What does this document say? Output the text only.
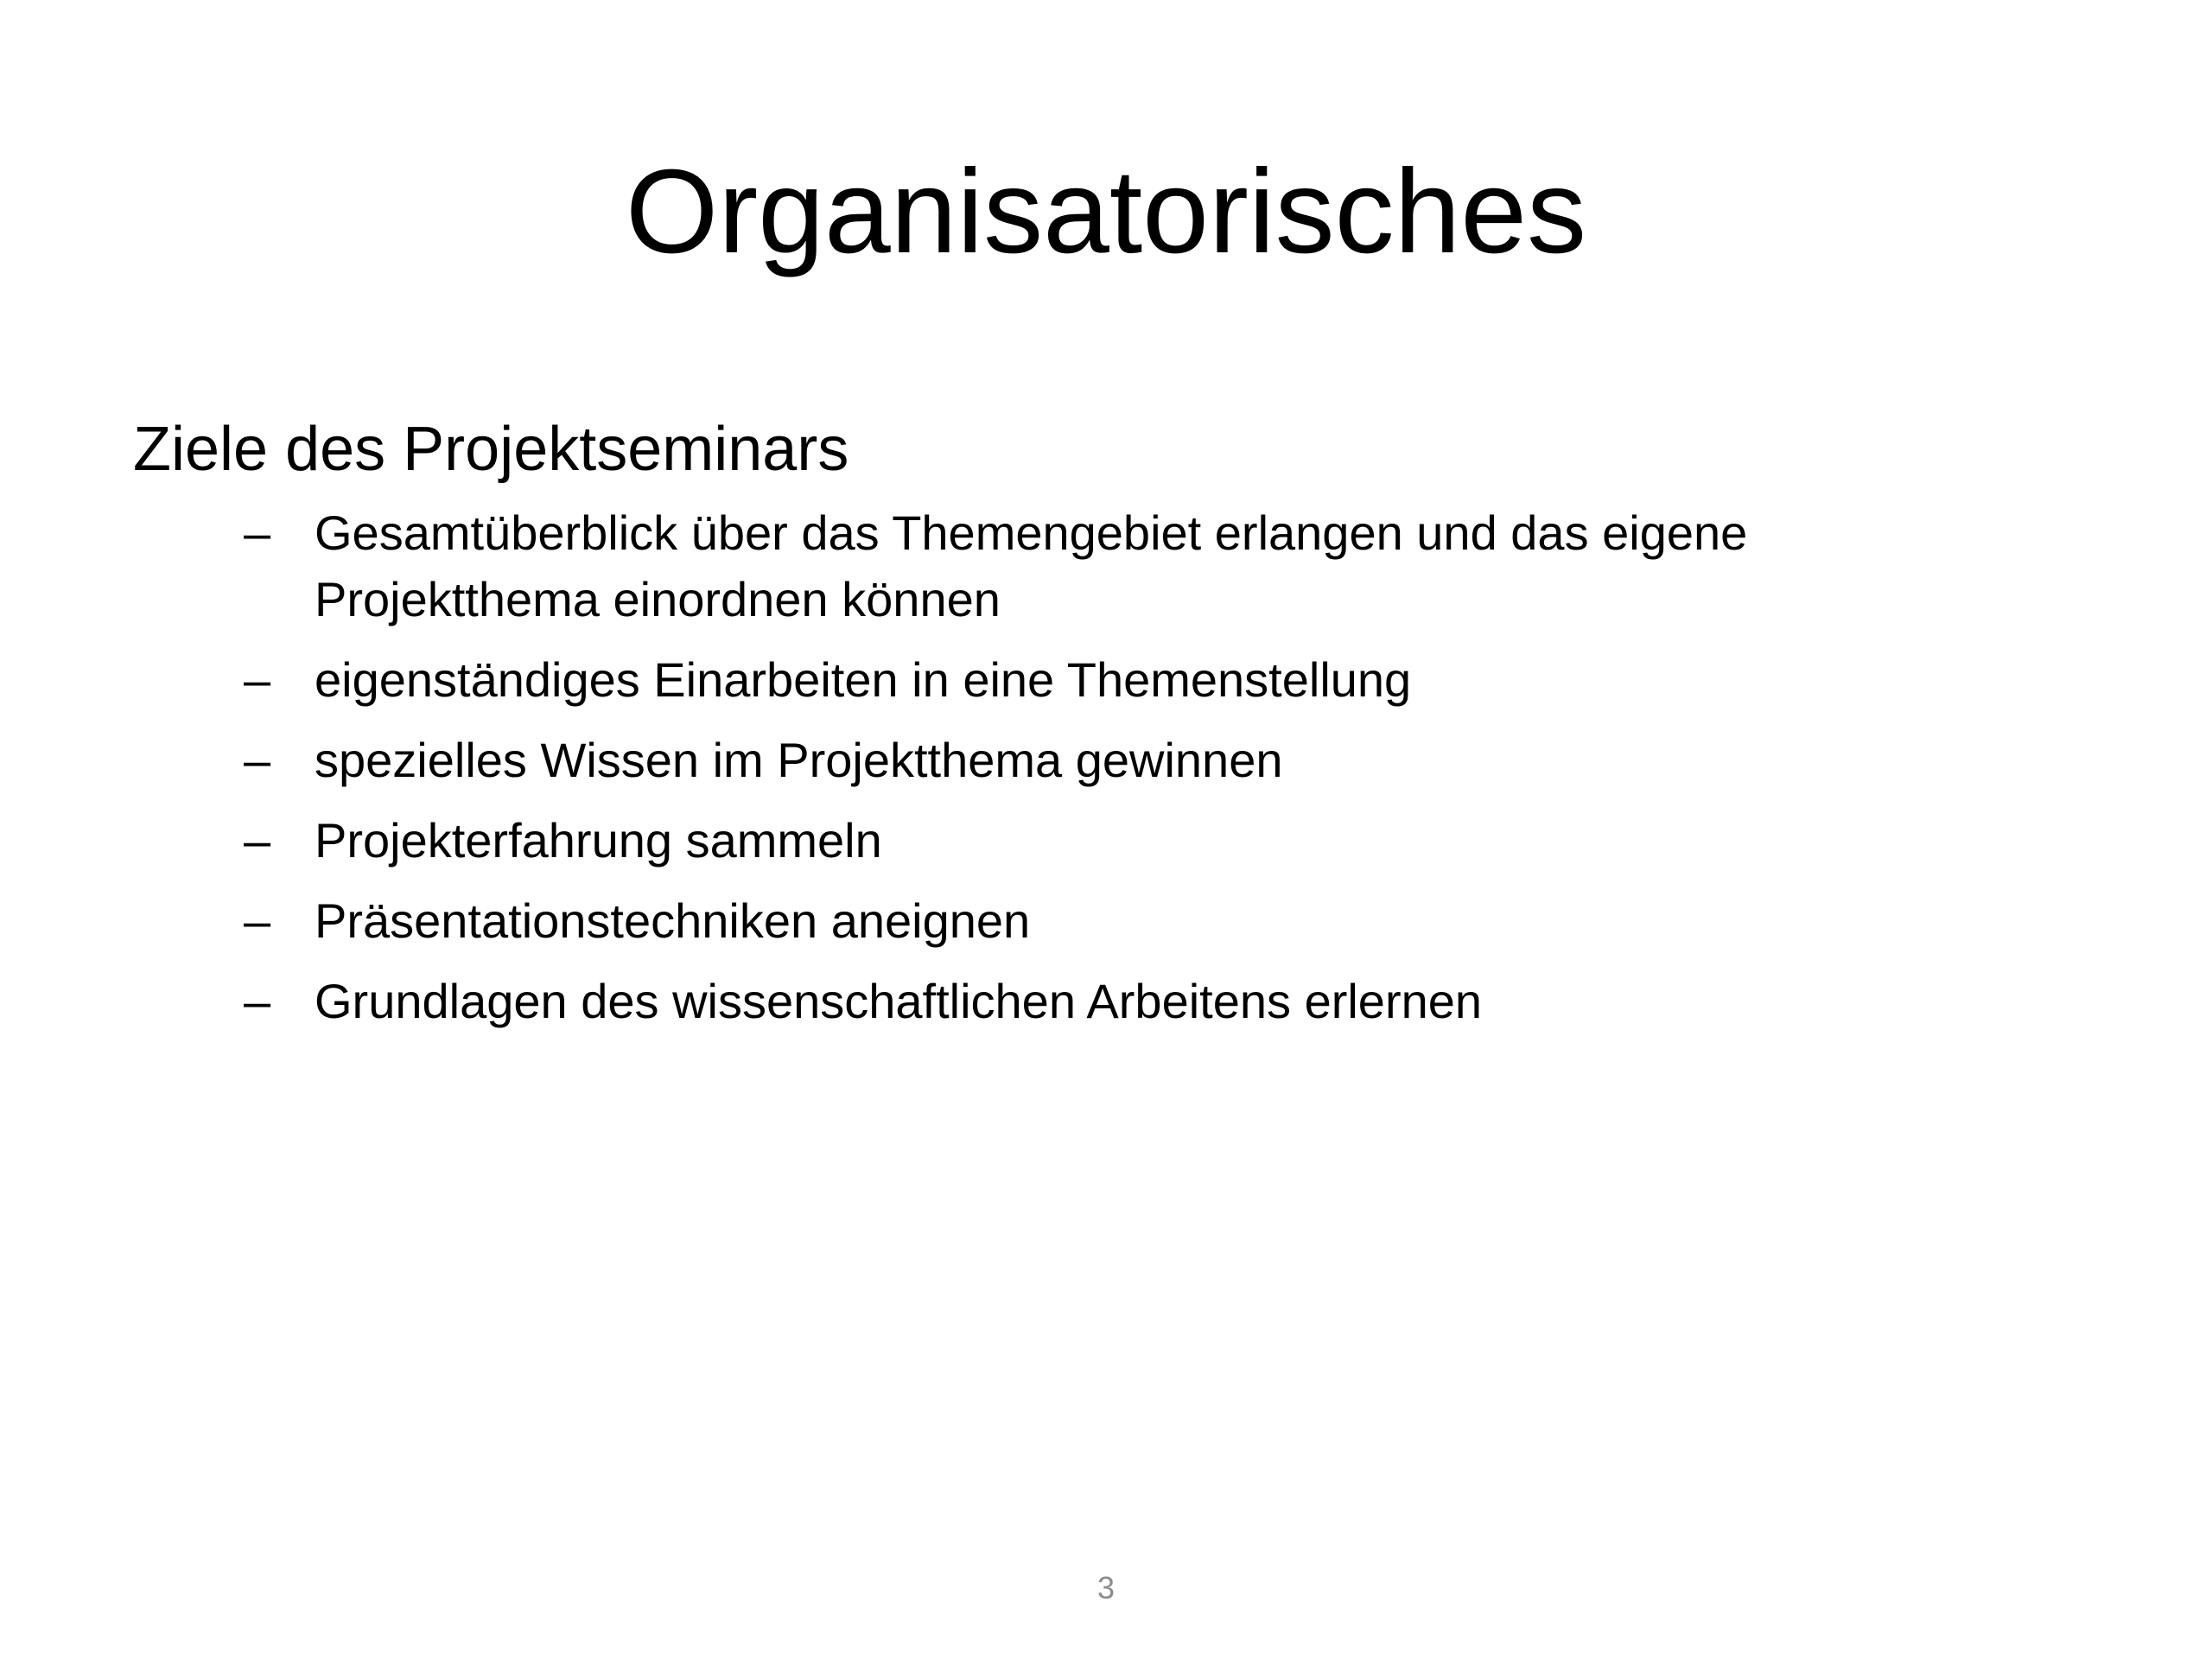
Organisatorisches
Ziele des Projektseminars
– Gesamtüberblick über das Themengebiet erlangen und das eigene Projektthema einordnen können
– eigenständiges Einarbeiten in eine Themenstellung
– spezielles Wissen im Projektthema gewinnen
– Projekterfahrung sammeln
– Präsentationstechniken aneignen
– Grundlagen des wissenschaftlichen Arbeitens erlernen
3
